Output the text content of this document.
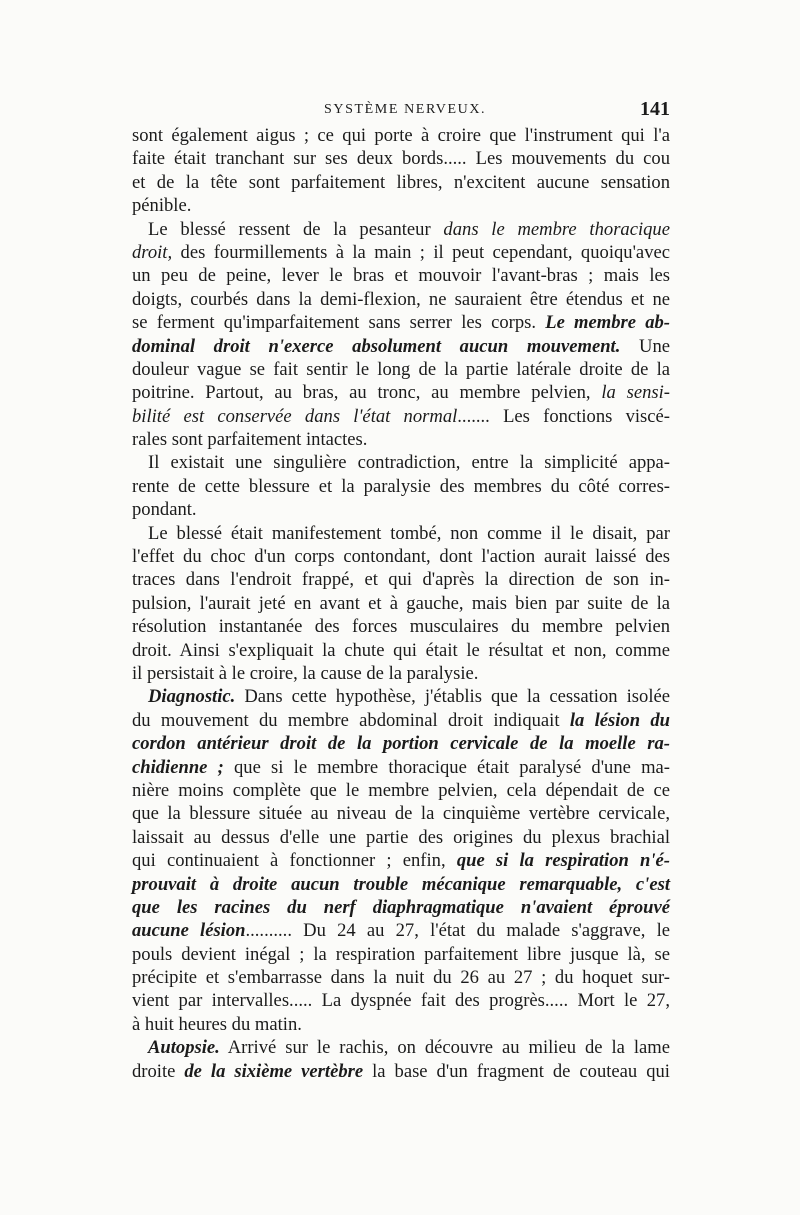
SYSTÈME NERVEUX.	141
sont également aigus ; ce qui porte à croire que l'instrument qui l'a
faite était tranchant sur ses deux bords..... Les mouvements du cou
et de la tête sont parfaitement libres, n'excitent aucune sensation
pénible.
Le blessé ressent de la pesanteur dans le membre thoracique
droit, des fourmillements à la main ; il peut cependant, quoiqu'avec
un peu de peine, lever le bras et mouvoir l'avant-bras ; mais les
doigts, courbés dans la demi-flexion, ne sauraient être étendus et ne
se ferment qu'imparfaitement sans serrer les corps. Le membre ab-
dominal droit n'exerce absolument aucun mouvement. Une
douleur vague se fait sentir le long de la partie latérale droite de la
poitrine. Partout, au bras, au tronc, au membre pelvien, la sensi-
bilité est conservée dans l'état normal....... Les fonctions viscé-
rales sont parfaitement intactes.
Il existait une singulière contradiction, entre la simplicité appa-
rente de cette blessure et la paralysie des membres du côté corres-
pondant.
Le blessé était manifestement tombé, non comme il le disait, par
l'effet du choc d'un corps contondant, dont l'action aurait laissé des
traces dans l'endroit frappé, et qui d'après la direction de son in-
pulsion, l'aurait jeté en avant et à gauche, mais bien par suite de la
résolution instantanée des forces musculaires du membre pelvien
droit. Ainsi s'expliquait la chute qui était le résultat et non, comme
il persistait à le croire, la cause de la paralysie.
Diagnostic. Dans cette hypothèse, j'établis que la cessation isolée
du mouvement du membre abdominal droit indiquait la lésion du
cordon antérieur droit de la portion cervicale de la moelle ra-
chidienne ; que si le membre thoracique était paralysé d'une ma-
nière moins complète que le membre pelvien, cela dépendait de ce
que la blessure située au niveau de la cinquième vertèbre cervicale,
laissait au dessus d'elle une partie des origines du plexus brachial
qui continuaient à fonctionner ; enfin, que si la respiration n'é-
prouvait à droite aucun trouble mécanique remarquable, c'est
que les racines du nerf diaphragmatique n'avaient éprouvé
aucune lésion.......... Du 24 au 27, l'état du malade s'aggrave, le
pouls devient inégal ; la respiration parfaitement libre jusque là, se
précipite et s'embarrasse dans la nuit du 26 au 27 ; du hoquet sur-
vient par intervalles..... La dyspnée fait des progrès..... Mort le 27,
à huit heures du matin.
Autopsie. Arrivé sur le rachis, on découvre au milieu de la lame
droite de la sixième vertèbre la base d'un fragment de couteau qui
